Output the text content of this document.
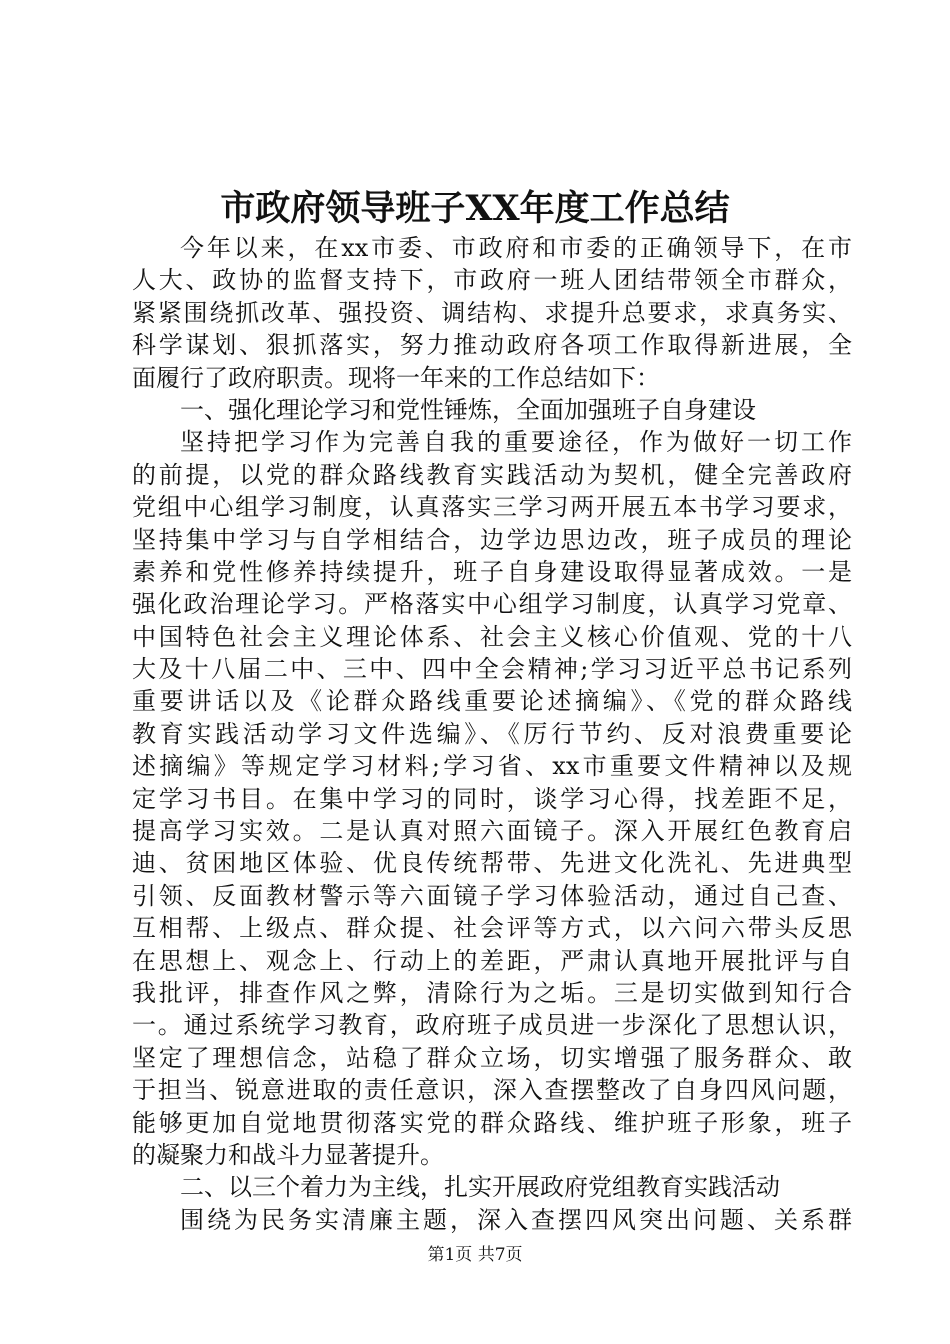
市政府领导班子XX年度工作总结
今年以来，在xx市委、市政府和市委的正确领导下，在市
人大、政协的监督支持下，市政府一班人团结带领全市群众，
紧紧围绕抓改革、强投资、调结构、求提升总要求，求真务实、
科学谋划、狠抓落实，努力推动政府各项工作取得新进展，全
面履行了政府职责。现将一年来的工作总结如下：
一、强化理论学习和党性锤炼，全面加强班子自身建设
坚持把学习作为完善自我的重要途径，作为做好一切工作
的前提，以党的群众路线教育实践活动为契机，健全完善政府
党组中心组学习制度，认真落实三学习两开展五本书学习要求，
坚持集中学习与自学相结合，边学边思边改，班子成员的理论
素养和党性修养持续提升，班子自身建设取得显著成效。一是
强化政治理论学习。严格落实中心组学习制度，认真学习党章、
中国特色社会主义理论体系、社会主义核心价值观、党的十八
大及十八届二中、三中、四中全会精神;学习习近平总书记系列
重要讲话以及《论群众路线重要论述摘编》、《党的群众路线
教育实践活动学习文件选编》、《厉行节约、反对浪费重要论
述摘编》等规定学习材料;学习省、xx市重要文件精神以及规
定学习书目。在集中学习的同时，谈学习心得，找差距不足，
提高学习实效。二是认真对照六面镜子。深入开展红色教育启
迪、贫困地区体验、优良传统帮带、先进文化洗礼、先进典型
引领、反面教材警示等六面镜子学习体验活动，通过自己查、
互相帮、上级点、群众提、社会评等方式，以六问六带头反思
在思想上、观念上、行动上的差距，严肃认真地开展批评与自
我批评，排查作风之弊，清除行为之垢。三是切实做到知行合
一。通过系统学习教育，政府班子成员进一步深化了思想认识，
坚定了理想信念，站稳了群众立场，切实增强了服务群众、敢
于担当、锐意进取的责任意识，深入查摆整改了自身四风问题，
能够更加自觉地贯彻落实党的群众路线、维护班子形象，班子
的凝聚力和战斗力显著提升。
二、以三个着力为主线，扎实开展政府党组教育实践活动
围绕为民务实清廉主题，深入查摆四风突出问题、关系群
第1页 共7页
